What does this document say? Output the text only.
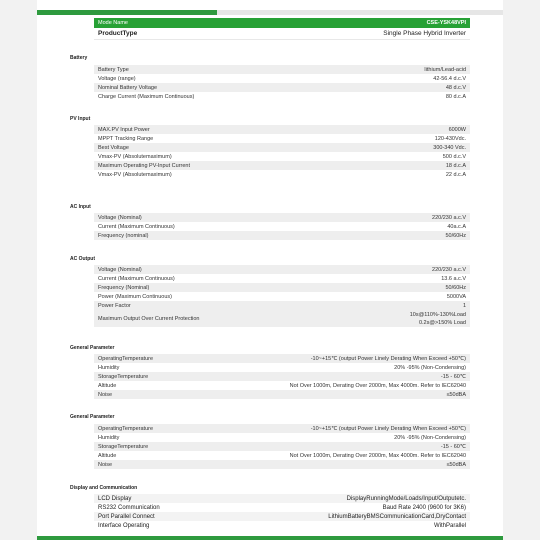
Mode Name	CSE-YSK48VPI
ProductType	Single Phase Hybrid Inverter
Battery
Battery Type	lithium/Lead-acid
Voltage (range)	42-56.4 d.c.V
Nominal Battery Voltage	48 d.c.V
Charge Current (Maximum Continuous)	80 d.c.A
PV Input
MAX.PV Input Power	6000W
MPPT Tracking Range	120-430Vdc.
Best Voltage	300-340 Vdc.
Vmax-PV (Absolutemaximum)	500 d.c.V
Maximum Operating PV-Input Current	18 d.c.A
Vmax-PV (Absolutemaximum)	22 d.c.A
AC Input
Voltage (Nominal)	220/230 a.c.V
Current (Maximum Continuous)	40a.c.A
Frequency (nominal)	50/60Hz
AC Output
Voltage (Nominal)	220/230 a.c.V
Current (Maximum Continuous)	13.6 a.c.V
Frequency (Nominal)	50/60Hz
Power (Maximum Continuous)	5000VA
Power Factor	1
Maximum Output Over Current Protection
10s@110%-130%Load
0.2s@>150% Load
General Parameter
OperatingTemperature	-10~+15℃ (output Power Linely Derating When Exceed +50℃)
Humidity	20% -95% (Non-Condensing)
StorageTemperature	-15 - 60℃
Altitude	Not Over 1000m, Derating Over 2000m, Max 4000m. Refer to IEC62040
Noise	≤50dBA
General Parameter
OperatingTemperature	-10~+15℃ (output Power Linely Derating When Exceed +50℃)
Humidity	20% -95% (Non-Condensing)
StorageTemperature	-15 - 60℃
Altitude	Not Over 1000m, Derating Over 2000m, Max 4000m. Refer to IEC62040
Noise	≤50dBA
Display and Communication
LCD Display	DisplayRunningMode/Loads/Input/Outputetc.
RS232 Communication	Baud Rate 2400 (9600 for 3K6)
Port Parallel Connect	LithiumBatteryBMSCommunicationCard,DryContact
Interface Operating	WithParallel
